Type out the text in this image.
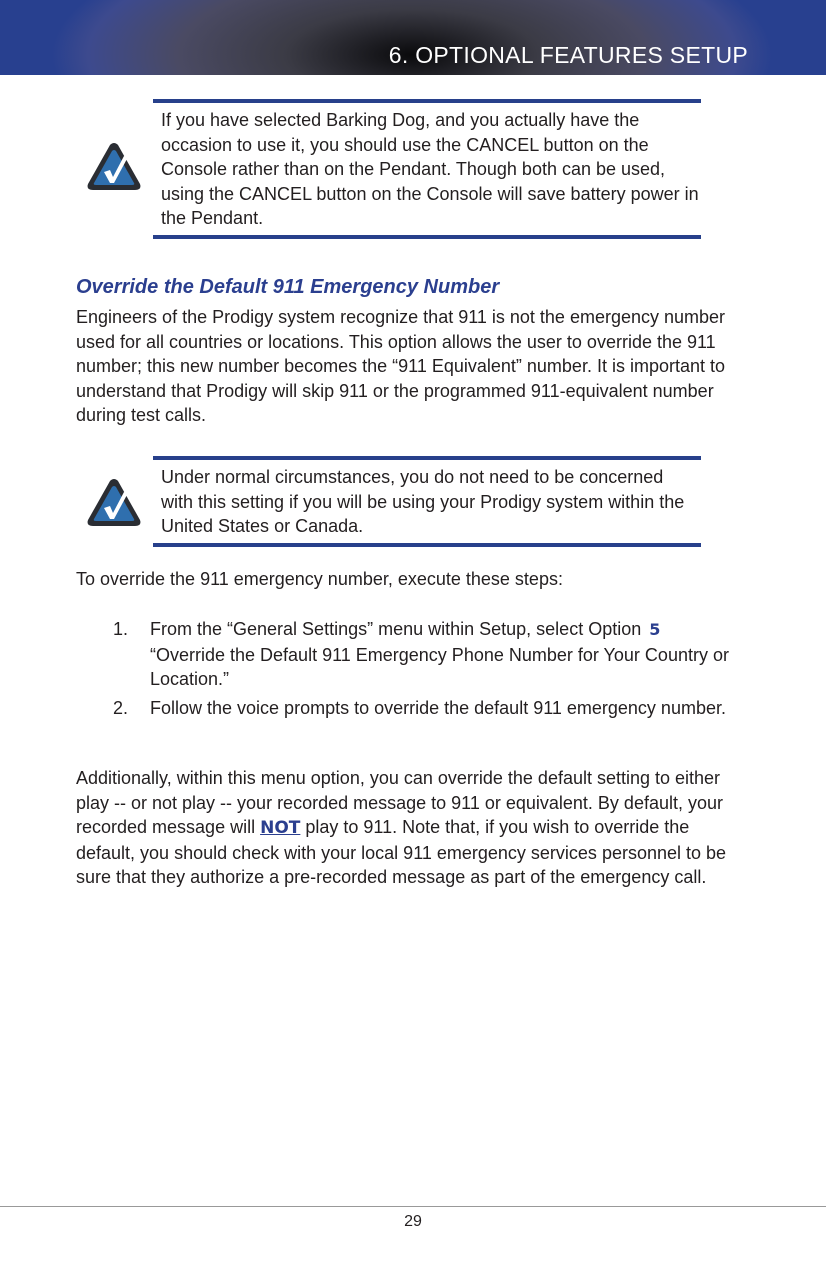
6. OPTIONAL FEATURES SETUP
If you have selected Barking Dog, and you actually have the occasion to use it, you should use the CANCEL button on the Console rather than on the Pendant. Though both can be used, using the CANCEL button on the Console will save battery power in the Pendant.
Override the Default 911 Emergency Number
Engineers of the Prodigy system recognize that 911 is not the emergency number used for all countries or locations. This option allows the user to override the 911 number; this new number becomes the “911 Equivalent” number. It is important to understand that Prodigy will skip 911 or the programmed 911-equivalent number during test calls.
Under normal circumstances, you do not need to be concerned with this setting if you will be using your Prodigy system within the United States or Canada.
To override the 911 emergency number, execute these steps:
1. From the “General Settings” menu within Setup, select Option 5
“Override the Default 911 Emergency Phone Number for Your Country or Location.”
2. Follow the voice prompts to override the default 911 emergency number.
Additionally, within this menu option, you can override the default setting to either play -- or not play -- your recorded message to 911 or equivalent. By default, your recorded message will NOT play to 911. Note that, if you wish to override the default, you should check with your local 911 emergency services personnel to be sure that they authorize a pre-recorded message as part of the emergency call.
29
